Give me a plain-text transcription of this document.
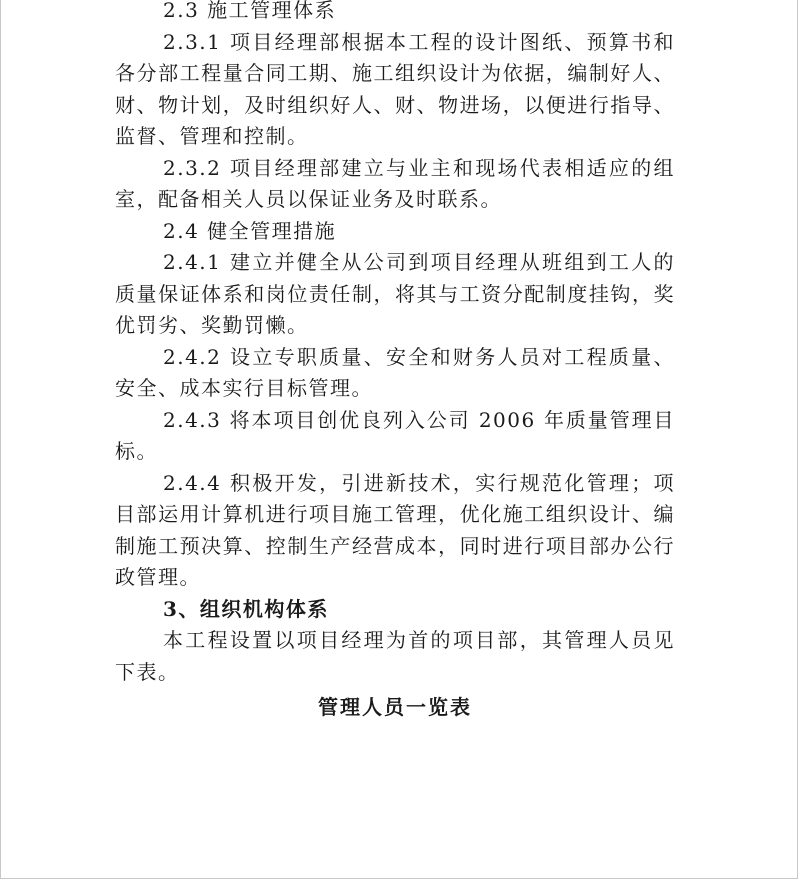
2.3 施工管理体系

2.3.1 项目经理部根据本工程的设计图纸、预算书和各分部工程量合同工期、施工组织设计为依据，编制好人、财、物计划，及时组织好人、财、物进场，以便进行指导、监督、管理和控制。

2.3.2 项目经理部建立与业主和现场代表相适应的组室，配备相关人员以保证业务及时联系。

2.4 健全管理措施

2.4.1 建立并健全从公司到项目经理从班组到工人的质量保证体系和岗位责任制，将其与工资分配制度挂钩，奖优罚劣、奖勤罚懒。

2.4.2 设立专职质量、安全和财务人员对工程质量、安全、成本实行目标管理。

2.4.3 将本项目创优良列入公司 2006 年质量管理目标。

2.4.4 积极开发，引进新技术，实行规范化管理；项目部运用计算机进行项目施工管理，优化施工组织设计、编制施工预决算、控制生产经营成本，同时进行项目部办公行政管理。

3、组织机构体系

本工程设置以项目经理为首的项目部，其管理人员见下表。

管理人员一览表
